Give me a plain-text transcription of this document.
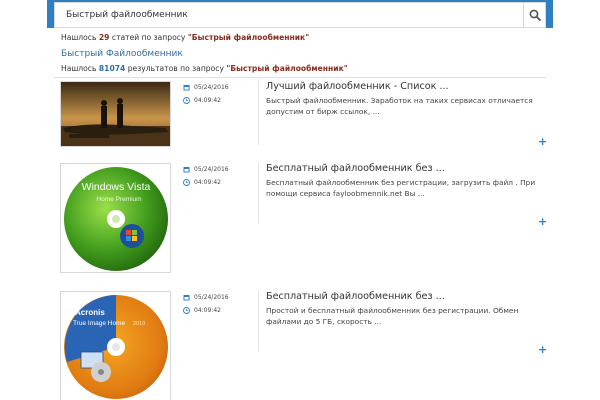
Быстрый файлообменник
Нашлось 29 статей по запросу "Быстрый файлообменник"
Быстрый Файлообменник
Нашлось 81074 результатов по запросу "Быстрый файлообменник"
05/24/2016
04:09:42
Лучший файлообменник - Список ...
Быстрый файлообменник. Заработок на таких сервисах отличается допустим от бирж ссылок, ...
+
Windows Vista
Home Premium
05/24/2016
04:09:42
Бесплатный файлообменник без ...
Бесплатный файлообменник без регистрации, загрузить файл . При помощи сервиса fayloobmennik.net Вы ...
+
Acronis
True Image Home 2010
05/24/2016
04:09:42
Бесплатный файлообменник без ...
Простой и бесплатный файлообменник без регистрации. Обмен файлами до 5 ГБ, скорость ...
+
